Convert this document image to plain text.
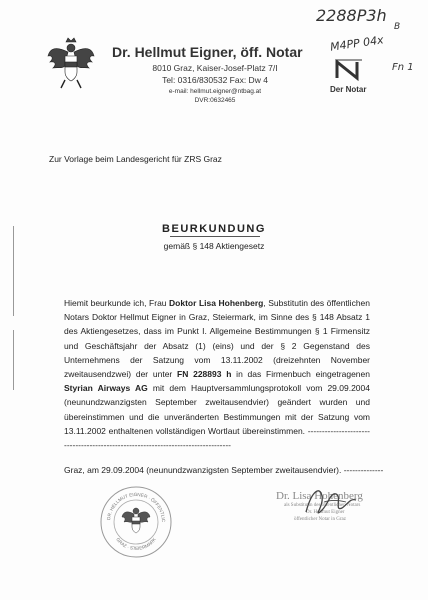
Dr. Hellmut Eigner, öff. Notar
8010 Graz, Kaiser-Josef-Platz 7/I
Tel: 0316/830532 Fax: Dw 4
e-mail: hellmut.eigner@ntbag.at
DVR:0632465
Der Notar
2288P3h
B
M4PP 04x
Fn 1
Zur Vorlage beim Landesgericht für ZRS Graz
BEURKUNDUNG
gemäß § 148 Aktiengesetz
Hiemit beurkunde ich, Frau Doktor Lisa Hohenberg, Substitutin des öffentlichen Notars Doktor Hellmut Eigner in Graz, Steiermark, im Sinne des § 148 Absatz 1 des Aktiengesetzes, dass im Punkt I. Allgemeine Bestimmungen § 1 Firmensitz und Geschäftsjahr der Absatz (1) (eins) und der § 2 Gegenstand des Unternehmens der Satzung vom 13.11.2002 (dreizehnten November zweitausendzwei) der unter FN 228893 h in das Firmenbuch eingetragenen Styrian Airways AG mit dem Hauptversammlungsprotokoll vom 29.09.2004 (neunundzwanzigsten September zweitausendvier) geändert wurden und übereinstimmen und die unveränderten Bestimmungen mit der Satzung vom 13.11.2002 enthaltenen vollständigen Wortlaut übereinstimmen. ---------------------------------------------------------------------------------
Graz, am 29.09.2004 (neunundzwanzigsten September zweitausendvier). --------------
DR. HELLMUT EIGNER · ÖFFENTLIC
GRAZ · STEIERMARK
Dr. Lisa Hohenberg
als Substitutin des öffentlichen Notars
Dr. Hellmut Eigner
öffentlicher Notar in Graz
